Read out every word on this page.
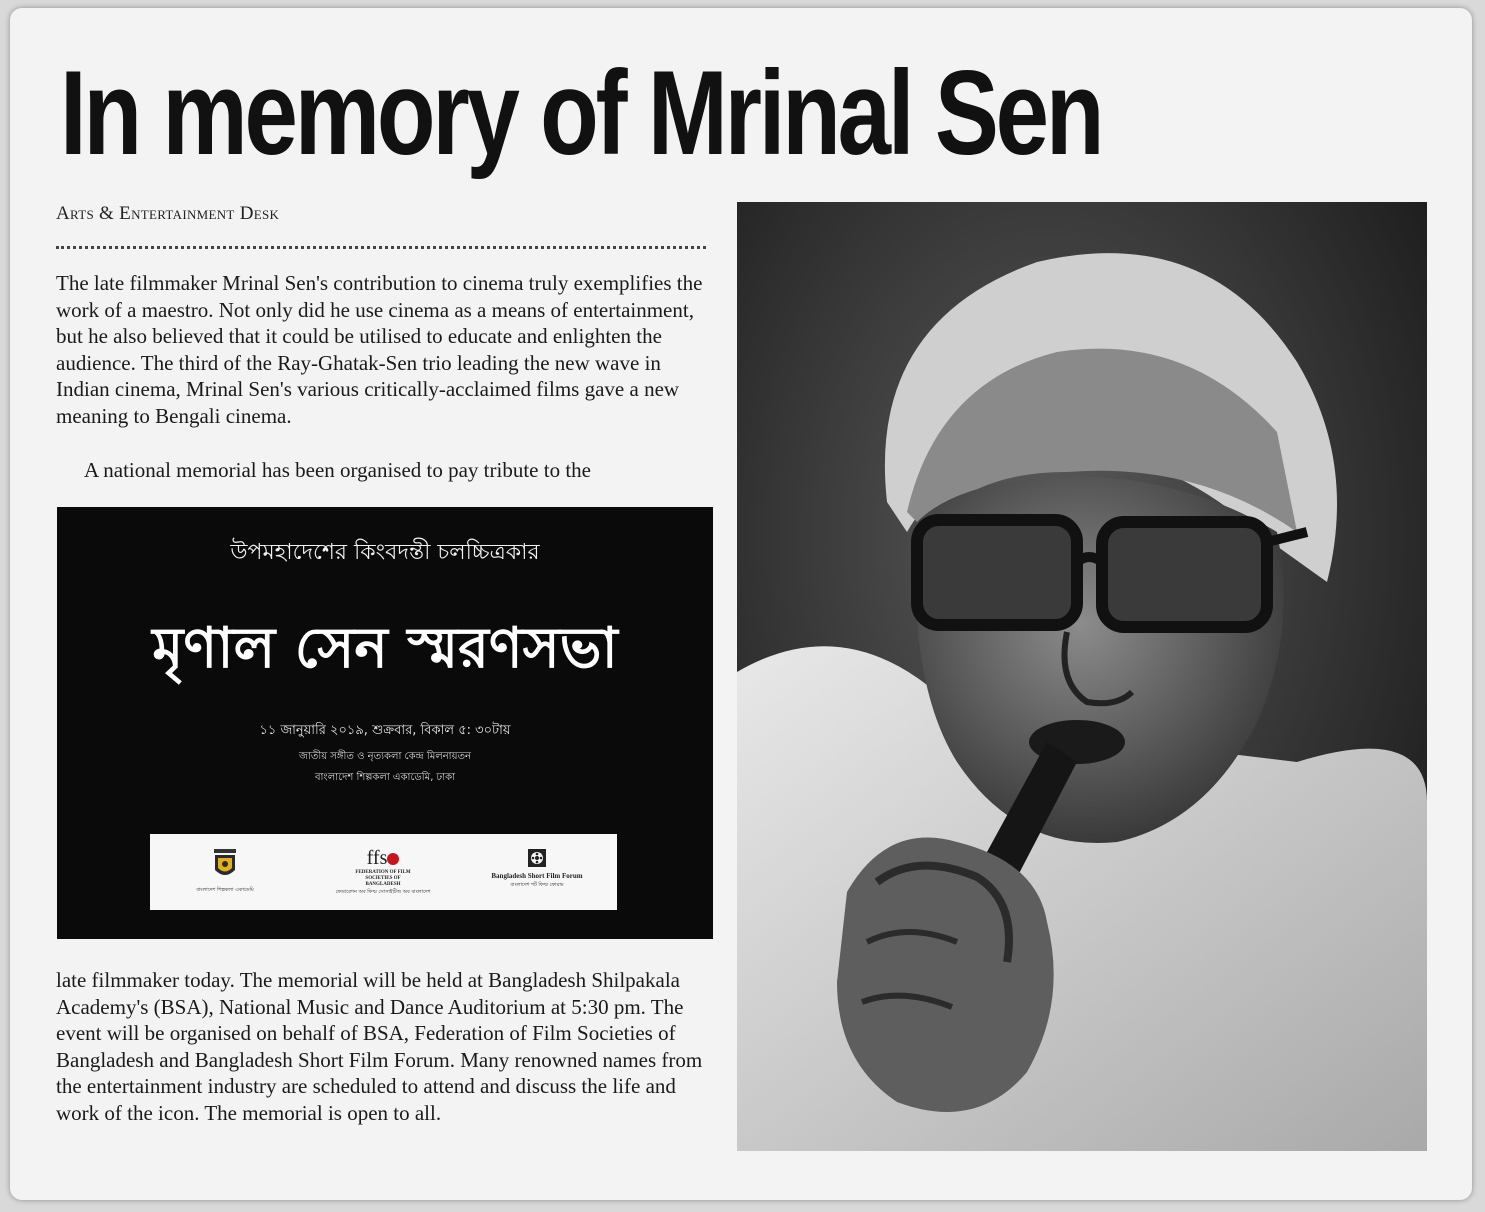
In memory of Mrinal Sen
Arts & Entertainment Desk

The late filmmaker Mrinal Sen's contribution to cinema truly exemplifies the work of a maestro. Not only did he use cinema as a means of entertainment, but he also believed that it could be utilised to educate and enlighten the audience. The third of the Ray-Ghatak-Sen trio leading the new wave in Indian cinema, Mrinal Sen's various critically-acclaimed films gave a new meaning to Bengali cinema.

A national memorial has been organised to pay tribute to the

উপমহাদেশের কিংবদন্তী চলচ্চিত্রকার
মৃণাল সেন স্মরণসভা
১১ জানুয়ারি ২০১৯, শুক্রবার, বিকাল ৫: ৩০টায়
জাতীয় সঙ্গীত ও নৃত্যকলা কেন্দ্র মিলনায়তন
বাংলাদেশ শিল্পকলা একাডেমি, ঢাকা
বাংলাদেশ শিল্পকলা একাডেমি
ffs
FEDERATION OF FILM SOCIETIES OF BANGLADESH
ফেডারেশন অব ফিল্ম সোসাইটিজ অব বাংলাদেশ
Bangladesh Short Film Forum
বাংলাদেশ শর্ট ফিল্ম ফোরাম

late filmmaker today. The memorial will be held at Bangladesh Shilpakala Academy's (BSA), National Music and Dance Auditorium at 5:30 pm. The event will be organised on behalf of BSA, Federation of Film Societies of Bangladesh and Bangladesh Short Film Forum. Many renowned names from the entertainment industry are scheduled to attend and discuss the life and work of the icon. The memorial is open to all.
